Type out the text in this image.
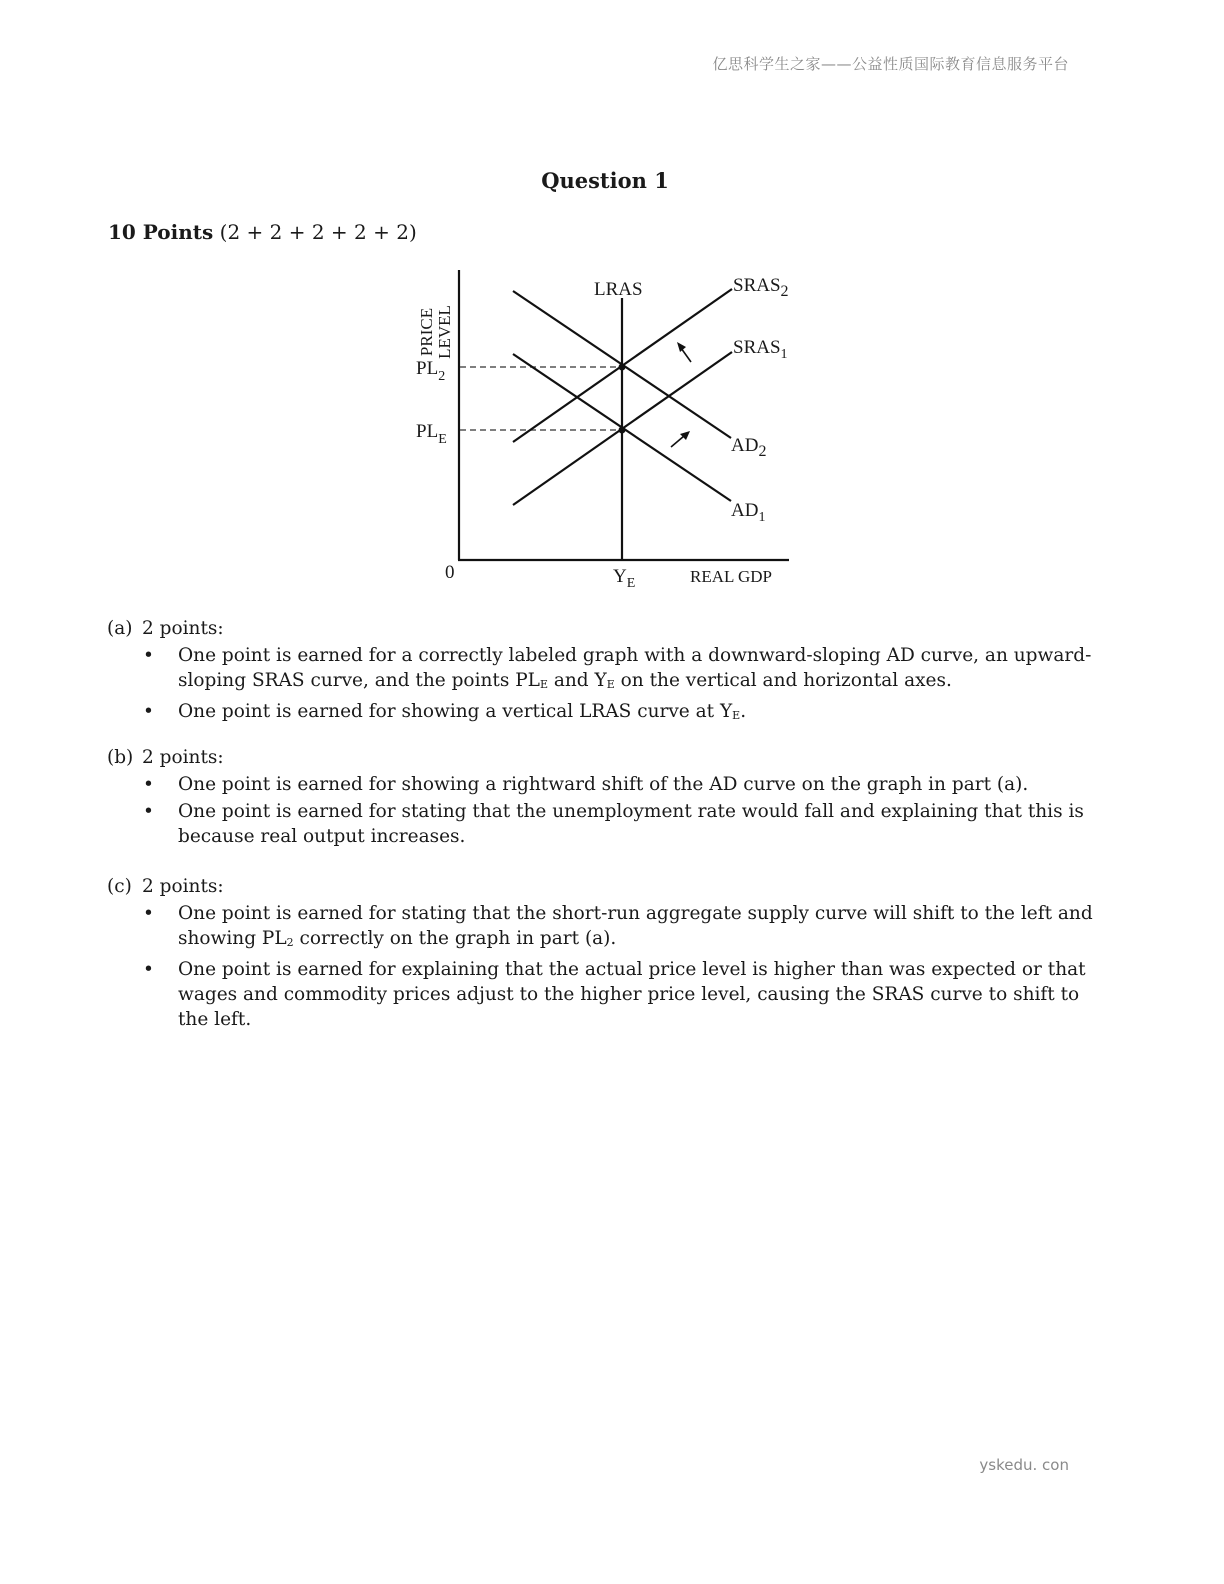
亿思科学生之家——公益性质国际教育信息服务平台
Question 1
10 Points (2 + 2 + 2 + 2 + 2)
PRICE LEVEL
$PL_2$
$PL_E$
0	$Y_E$	REAL GDP
LRAS	$SRAS_2$
$SRAS_1$
$AD_2$
$AD_1$
(a) 2 points:
• One point is earned for a correctly labeled graph with a downward-sloping AD curve, an upward-sloping SRAS curve, and the points $PL_E$ and $Y_E$ on the vertical and horizontal axes.
• One point is earned for showing a vertical LRAS curve at $Y_E$.
(b) 2 points:
• One point is earned for showing a rightward shift of the AD curve on the graph in part (a).
• One point is earned for stating that the unemployment rate would fall and explaining that this is because real output increases.
(c) 2 points:
• One point is earned for stating that the short-run aggregate supply curve will shift to the left and showing $PL_2$ correctly on the graph in part (a).
• One point is earned for explaining that the actual price level is higher than was expected or that wages and commodity prices adjust to the higher price level, causing the SRAS curve to shift to the left.
yskedu. con
